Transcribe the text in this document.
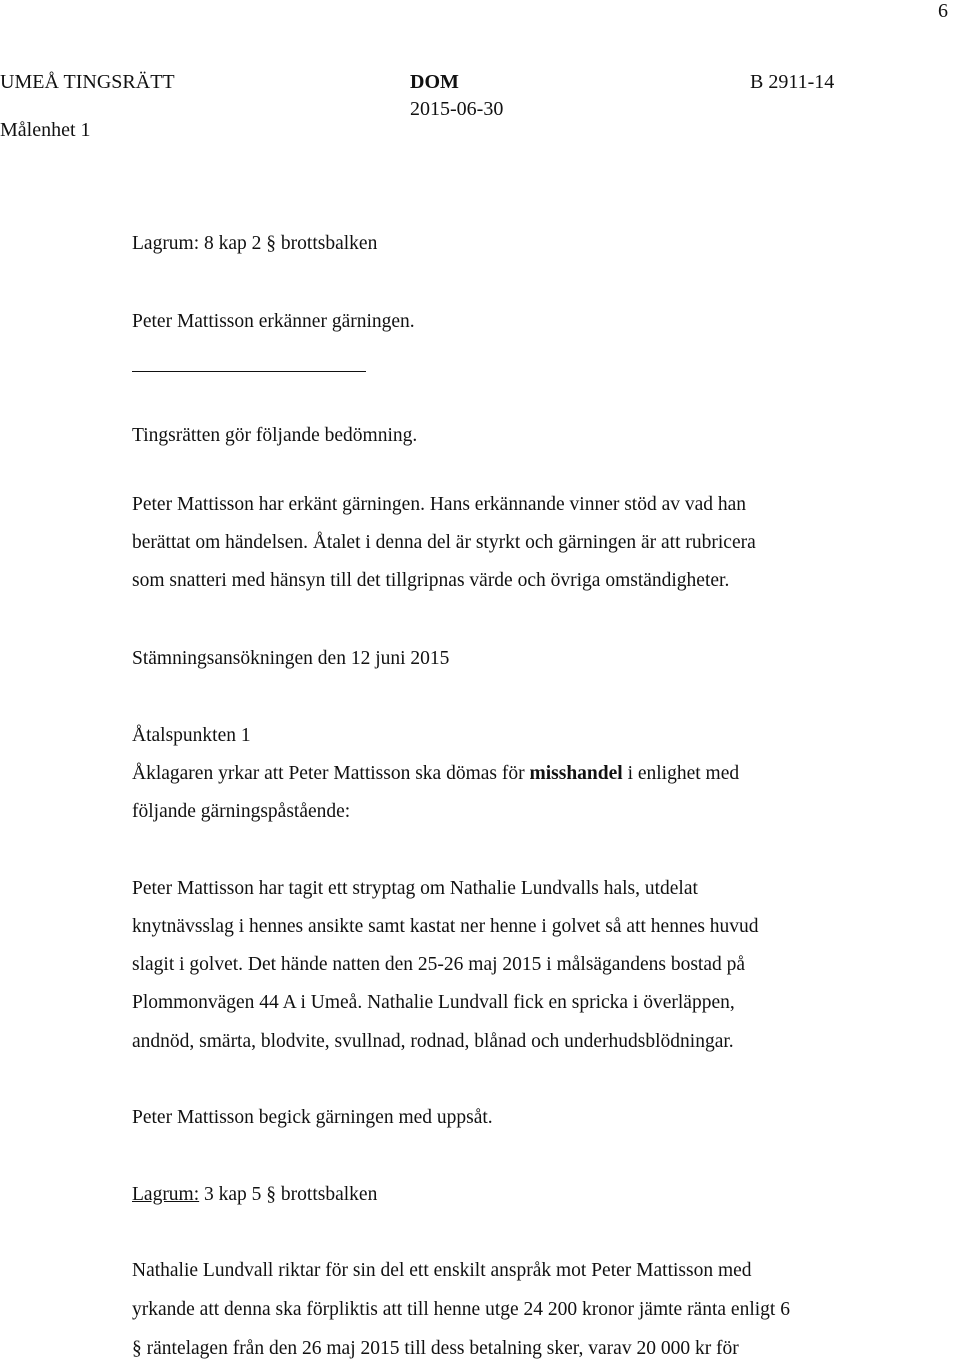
6
UMEÅ TINGSRÄTT
Målenhet 1
DOM
2015-06-30
B 2911-14
Lagrum: 8 kap 2 § brottsbalken
Peter Mattisson erkänner gärningen.
Tingsrätten gör följande bedömning.
Peter Mattisson har erkänt gärningen. Hans erkännande vinner stöd av vad han
berättat om händelsen. Åtalet i denna del är styrkt och gärningen är att rubricera
som snatteri med hänsyn till det tillgripnas värde och övriga omständigheter.
Stämningsansökningen den 12 juni 2015
Åtalspunkten 1
Åklagaren yrkar att Peter Mattisson ska dömas för misshandel i enlighet med
följande gärningspåstående:
Peter Mattisson har tagit ett stryptag om Nathalie Lundvalls hals, utdelat
knytnävsslag i hennes ansikte samt kastat ner henne i golvet så att hennes huvud
slagit i golvet. Det hände natten den 25-26 maj 2015 i målsägandens bostad på
Plommonvägen 44 A i Umeå. Nathalie Lundvall fick en spricka i överläppen,
andnöd, smärta, blodvite, svullnad, rodnad, blånad och underhudsblödningar.
Peter Mattisson begick gärningen med uppsåt.
Lagrum: 3 kap 5 § brottsbalken
Nathalie Lundvall riktar för sin del ett enskilt anspråk mot Peter Mattisson med
yrkande att denna ska förpliktis att till henne utge 24 200 kronor jämte ränta enligt 6
§ räntelagen från den 26 maj 2015 till dess betalning sker, varav 20 000 kr för
